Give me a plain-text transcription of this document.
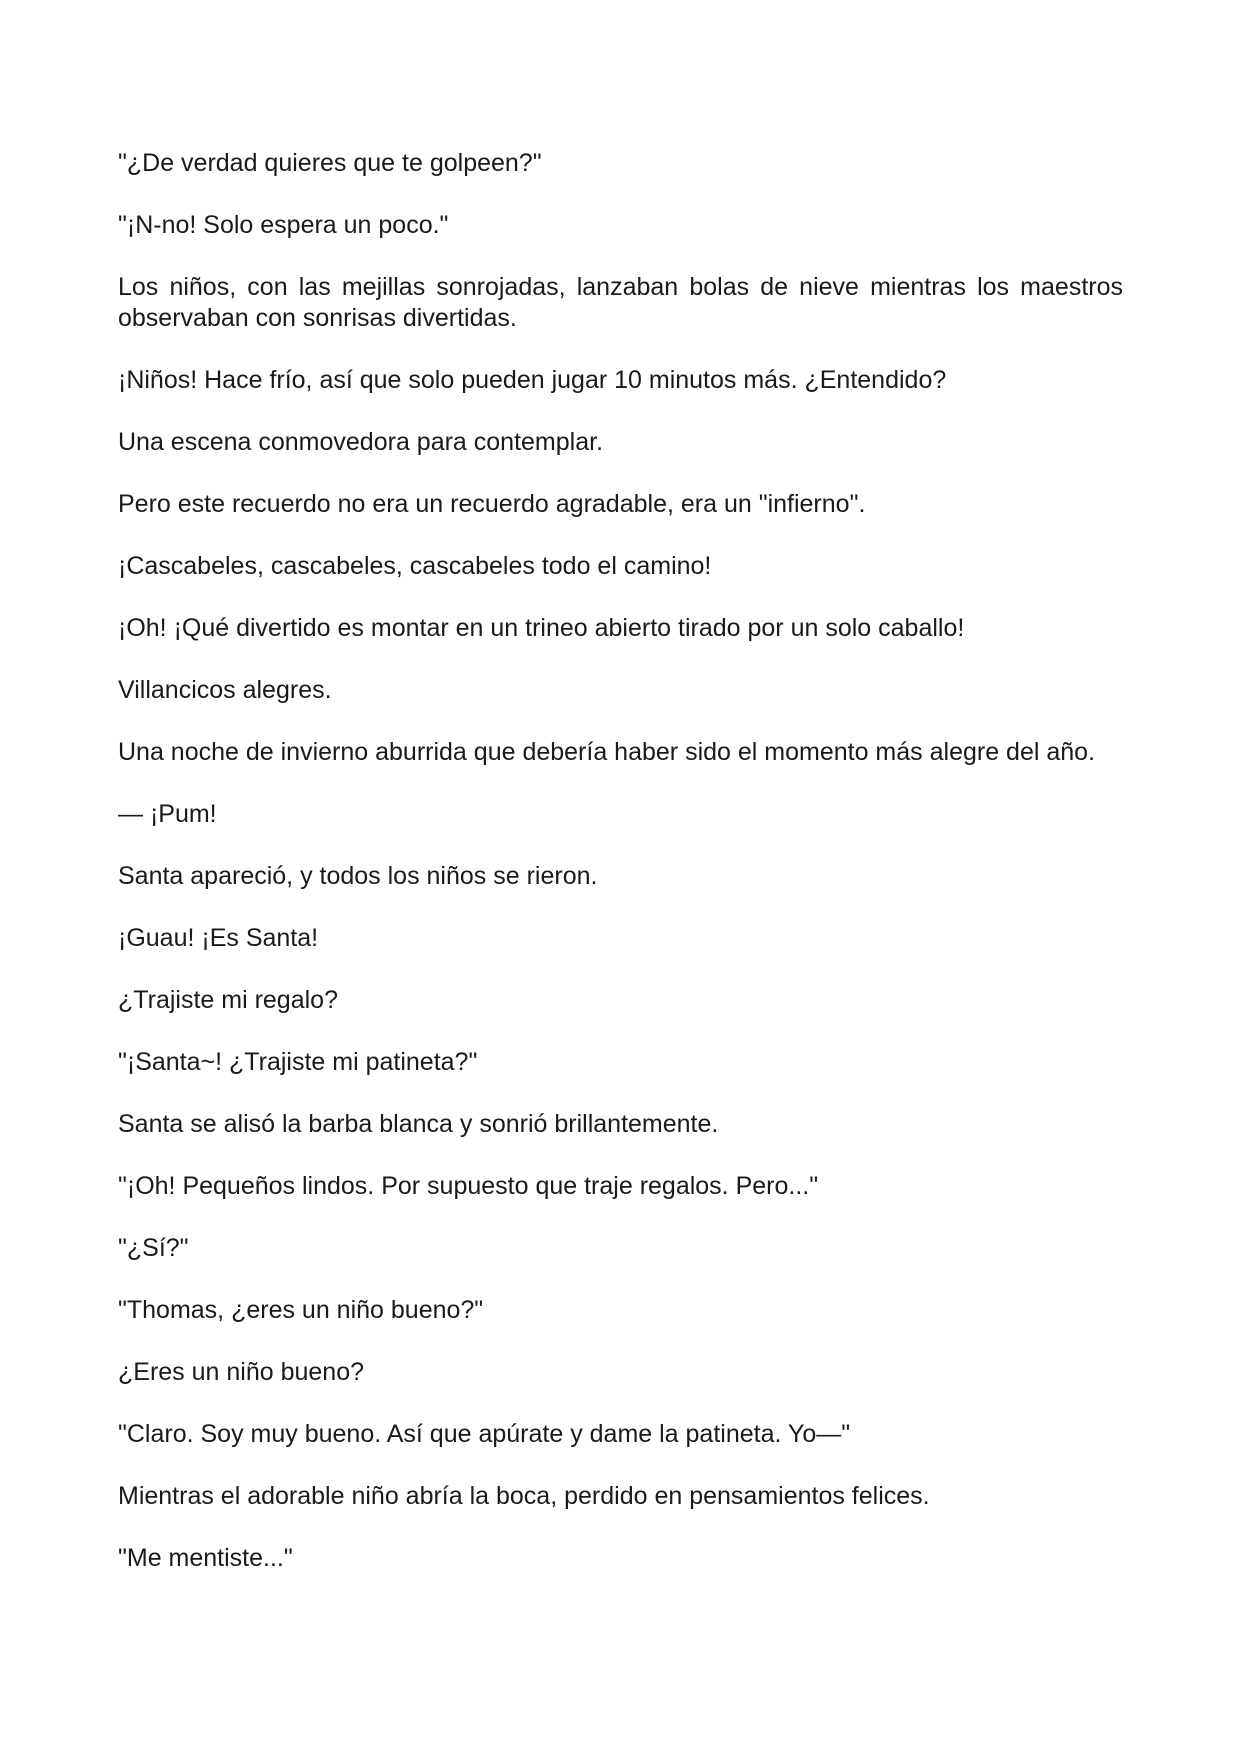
"¿De verdad quieres que te golpeen?"

"¡N-no! Solo espera un poco."

Los niños, con las mejillas sonrojadas, lanzaban bolas de nieve mientras los maestros observaban con sonrisas divertidas.

¡Niños! Hace frío, así que solo pueden jugar 10 minutos más. ¿Entendido?

Una escena conmovedora para contemplar.

Pero este recuerdo no era un recuerdo agradable, era un "infierno".

¡Cascabeles, cascabeles, cascabeles todo el camino!

¡Oh! ¡Qué divertido es montar en un trineo abierto tirado por un solo caballo!

Villancicos alegres.

Una noche de invierno aburrida que debería haber sido el momento más alegre del año.

— ¡Pum!

Santa apareció, y todos los niños se rieron.

¡Guau! ¡Es Santa!

¿Trajiste mi regalo?

"¡Santa~! ¿Trajiste mi patineta?"

Santa se alisó la barba blanca y sonrió brillantemente.

"¡Oh! Pequeños lindos. Por supuesto que traje regalos. Pero..."

"¿Sí?"

"Thomas, ¿eres un niño bueno?"

¿Eres un niño bueno?

"Claro. Soy muy bueno. Así que apúrate y dame la patineta. Yo—"

Mientras el adorable niño abría la boca, perdido en pensamientos felices.

"Me mentiste..."
